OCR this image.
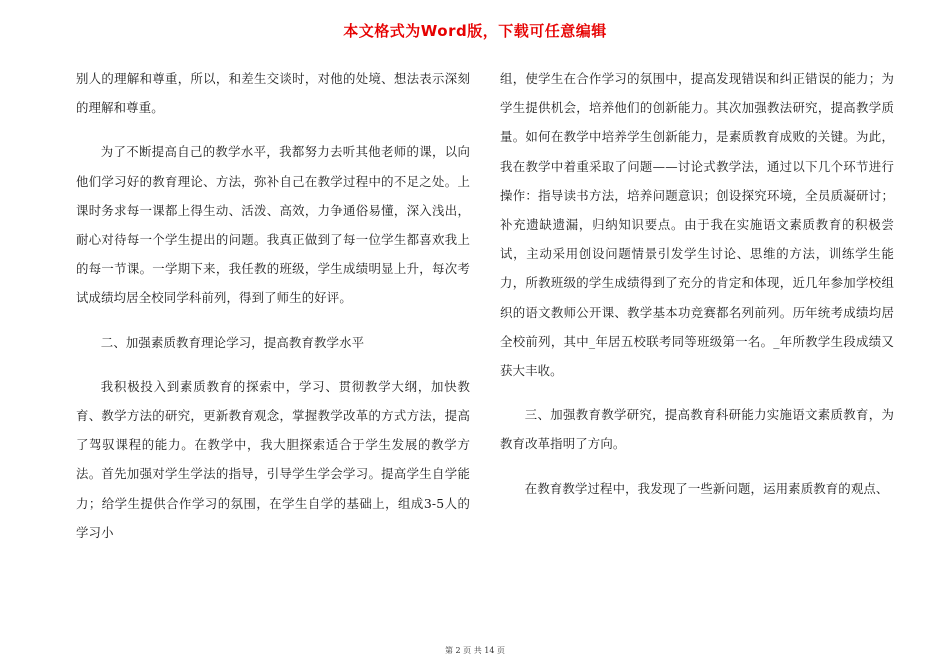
本文格式为Word版，下载可任意编辑

别人的理解和尊重，所以，和差生交谈时，对他的处境、想法表示深刻的理解和尊重。

为了不断提高自己的教学水平，我都努力去听其他老师的课，以向他们学习好的教育理论、方法，弥补自己在教学过程中的不足之处。上课时务求每一课都上得生动、活泼、高效，力争通俗易懂，深入浅出，耐心对待每一个学生提出的问题。我真正做到了每一位学生都喜欢我上的每一节课。一学期下来，我任教的班级，学生成绩明显上升，每次考试成绩均居全校同学科前列，得到了师生的好评。

二、加强素质教育理论学习，提高教育教学水平

我积极投入到素质教育的探索中，学习、贯彻教学大纲，加快教育、教学方法的研究，更新教育观念，掌握教学改革的方式方法，提高了驾驭课程的能力。在教学中，我大胆探索适合于学生发展的教学方法。首先加强对学生学法的指导，引导学生学会学习。提高学生自学能力；给学生提供合作学习的氛围，在学生自学的基础上，组成3-5人的学习小

组，使学生在合作学习的氛围中，提高发现错误和纠正错误的能力；为学生提供机会，培养他们的创新能力。其次加强教法研究，提高教学质量。如何在教学中培养学生创新能力，是素质教育成败的关键。为此，我在教学中着重采取了问题——讨论式教学法，通过以下几个环节进行操作：指导读书方法，培养问题意识；创设探究环境，全员质凝研讨；补充遗缺遗漏，归纳知识要点。由于我在实施语文素质教育的积极尝试，主动采用创设问题情景引发学生讨论、思维的方法，训练学生能力，所教班级的学生成绩得到了充分的肯定和体现，近几年参加学校组织的语文教师公开课、教学基本功竞赛都名列前列。历年统考成绩均居全校前列，其中_年居五校联考同等班级第一名。_年所教学生段成绩又获大丰收。

三、加强教育教学研究，提高教育科研能力实施语文素质教育，为教育改革指明了方向。

在教育教学过程中，我发现了一些新问题，运用素质教育的观点、

第 2 页 共 14 页
